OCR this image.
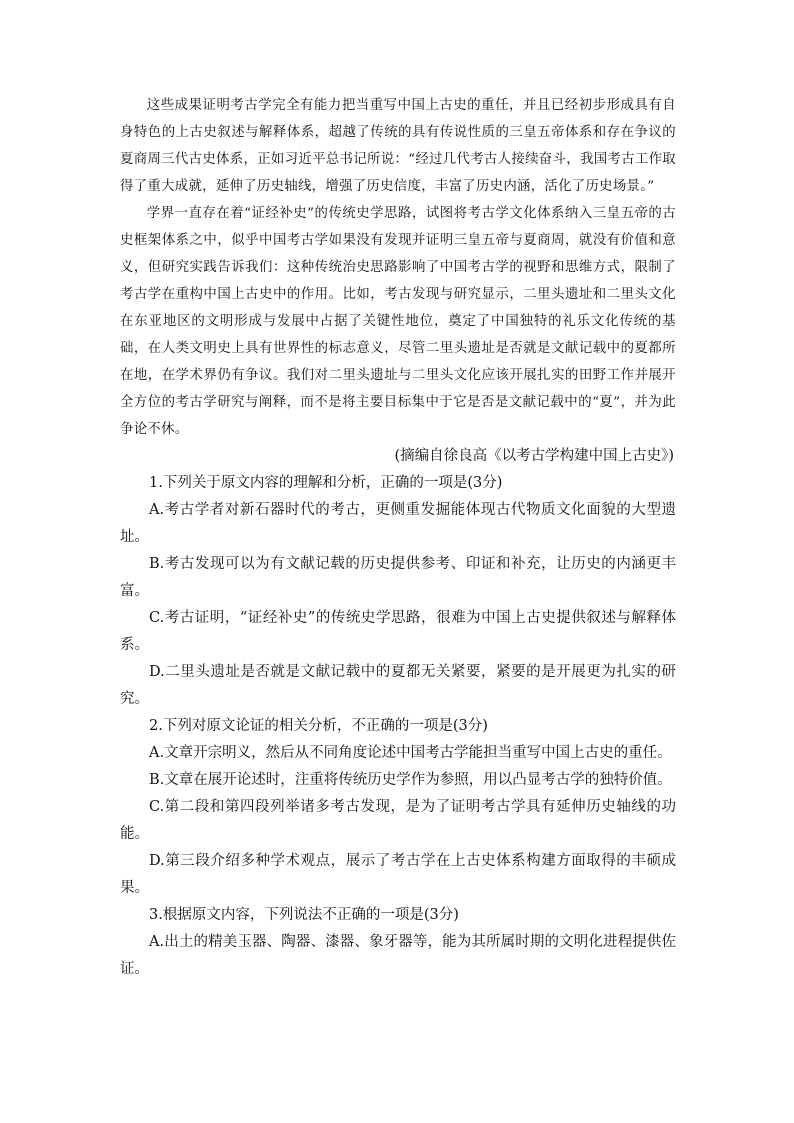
这些成果证明考古学完全有能力把当重写中国上古史的重任，并且已经初步形成具有自身特色的上古史叙述与解释体系，超越了传统的具有传说性质的三皇五帝体系和存在争议的夏商周三代古史体系，正如习近平总书记所说：“经过几代考古人接续奋斗，我国考古工作取得了重大成就，延伸了历史轴线，增强了历史信度，丰富了历史内涵，活化了历史场景。”

学界一直存在着“证经补史”的传统史学思路，试图将考古学文化体系纳入三皇五帝的古史框架体系之中，似乎中国考古学如果没有发现并证明三皇五帝与夏商周，就没有价值和意义，但研究实践告诉我们：这种传统治史思路影响了中国考古学的视野和思维方式，限制了考古学在重构中国上古史中的作用。比如，考古发现与研究显示，二里头遗址和二里头文化在东亚地区的文明形成与发展中占据了关键性地位，奠定了中国独特的礼乐文化传统的基础，在人类文明史上具有世界性的标志意义，尽管二里头遗址是否就是文献记载中的夏都所在地，在学术界仍有争议。我们对二里头遗址与二里头文化应该开展扎实的田野工作并展开全方位的考古学研究与阐释，而不是将主要目标集中于它是否是文献记载中的“夏”，并为此争论不休。

(摘编自徐良高《以考古学构建中国上古史》)

1.下列关于原文内容的理解和分析，正确的一项是(3分)

A.考古学者对新石器时代的考古，更侧重发掘能体现古代物质文化面貌的大型遗址。

B.考古发现可以为有文献记载的历史提供参考、印证和补充，让历史的内涵更丰富。

C.考古证明，“证经补史”的传统史学思路，很难为中国上古史提供叙述与解释体系。

D.二里头遗址是否就是文献记载中的夏都无关紧要，紧要的是开展更为扎实的研究。

2.下列对原文论证的相关分析，不正确的一项是(3分)

A.文章开宗明义，然后从不同角度论述中国考古学能担当重写中国上古史的重任。

B.文章在展开论述时，注重将传统历史学作为参照，用以凸显考古学的独特价值。

C.第二段和第四段列举诸多考古发现，是为了证明考古学具有延伸历史轴线的功能。

D.第三段介绍多种学术观点，展示了考古学在上古史体系构建方面取得的丰硕成果。

3.根据原文内容，下列说法不正确的一项是(3分)

A.出土的精美玉器、陶器、漆器、象牙器等，能为其所属时期的文明化进程提供佐证。
